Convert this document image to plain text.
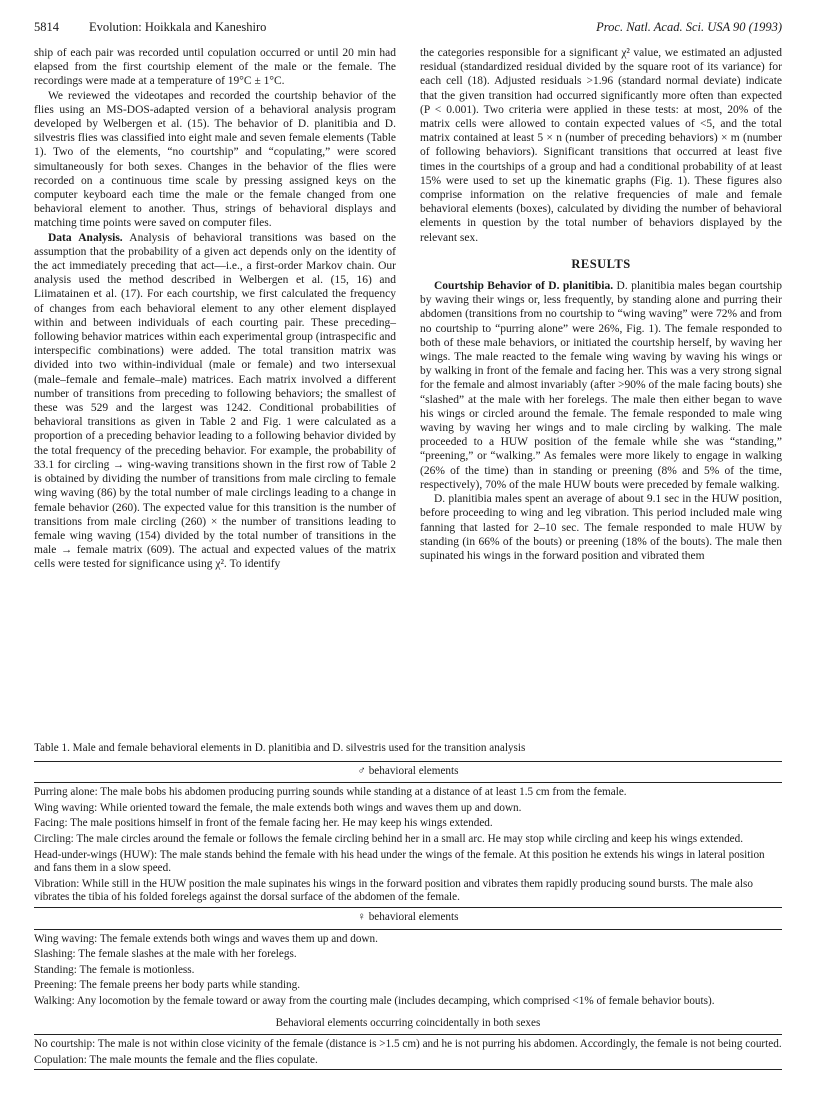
5814 Evolution: Hoikkala and Kaneshiro	Proc. Natl. Acad. Sci. USA 90 (1993)

ship of each pair was recorded until copulation occurred or until 20 min had elapsed from the first courtship element of the male or the female. The recordings were made at a temperature of 19°C ± 1°C.

We reviewed the videotapes and recorded the courtship behavior of the flies using an MS-DOS-adapted version of a behavioral analysis program developed by Welbergen et al. (15). The behavior of D. planitibia and D. silvestris flies was classified into eight male and seven female elements (Table 1). Two of the elements, “no courtship” and “copulating,” were scored simultaneously for both sexes. Changes in the behavior of the flies were recorded on a continuous time scale by pressing assigned keys on the computer keyboard each time the male or the female changed from one behavioral element to another. Thus, strings of behavioral displays and matching time points were saved on computer files.

Data Analysis. Analysis of behavioral transitions was based on the assumption that the probability of a given act depends only on the identity of the act immediately preceding that act—i.e., a first-order Markov chain. Our analysis used the method described in Welbergen et al. (15, 16) and Liimatainen et al. (17). For each courtship, we first calculated the frequency of changes from each behavioral element to any other element displayed within and between individuals of each courting pair. These preceding–following behavior matrices within each experimental group (intraspecific and interspecific combinations) were added. The total transition matrix was divided into two within-individual (male or female) and two intersexual (male–female and female–male) matrices. Each matrix involved a different number of transitions from preceding to following behaviors; the smallest of these was 529 and the largest was 1242. Conditional probabilities of behavioral transitions as given in Table 2 and Fig. 1 were calculated as a proportion of a preceding behavior leading to a following behavior divided by the total frequency of the preceding behavior. For example, the probability of 33.1 for circling → wing-waving transitions shown in the first row of Table 2 is obtained by dividing the number of transitions from male circling to female wing waving (86) by the total number of male circlings leading to a change in female behavior (260). The expected value for this transition is the number of transitions from male circling (260) × the number of transitions leading to female wing waving (154) divided by the total number of transitions in the male → female matrix (609). The actual and expected values of the matrix cells were tested for significance using χ². To identify

the categories responsible for a significant χ² value, we estimated an adjusted residual (standardized residual divided by the square root of its variance) for each cell (18). Adjusted residuals >1.96 (standard normal deviate) indicate that the given transition had occurred significantly more often than expected (P < 0.001). Two criteria were applied in these tests: at most, 20% of the matrix cells were allowed to contain expected values of <5, and the total matrix contained at least 5 × n (number of preceding behaviors) × m (number of following behaviors). Significant transitions that occurred at least five times in the courtships of a group and had a conditional probability of at least 15% were used to set up the kinematic graphs (Fig. 1). These figures also comprise information on the relative frequencies of male and female behavioral elements (boxes), calculated by dividing the number of behavioral elements in question by the total number of behaviors displayed by the relevant sex.

RESULTS

Courtship Behavior of D. planitibia. D. planitibia males began courtship by waving their wings or, less frequently, by standing alone and purring their abdomen (transitions from no courtship to “wing waving” were 72% and from no courtship to “purring alone” were 26%, Fig. 1). The female responded to both of these male behaviors, or initiated the courtship herself, by waving her wings. The male reacted to the female wing waving by waving his wings or by walking in front of the female and facing her. This was a very strong signal for the female and almost invariably (after >90% of the male facing bouts) she “slashed” at the male with her forelegs. The male then either began to wave his wings or circled around the female. The female responded to male wing waving by waving her wings and to male circling by walking. The male proceeded to a HUW position of the female while she was “standing,” “preening,” or “walking.” As females were more likely to engage in walking (26% of the time) than in standing or preening (8% and 5% of the time, respectively), 70% of the male HUW bouts were preceded by female walking.

D. planitibia males spent an average of about 9.1 sec in the HUW position, before proceeding to wing and leg vibration. This period included male wing fanning that lasted for 2–10 sec. The female responded to male HUW by standing (in 66% of the bouts) or preening (18% of the bouts). The male then supinated his wings in the forward position and vibrated them

Table 1. Male and female behavioral elements in D. planitibia and D. silvestris used for the transition analysis
♂ behavioral elements
Purring alone: The male bobs his abdomen producing purring sounds while standing at a distance of at least 1.5 cm from the female.
Wing waving: While oriented toward the female, the male extends both wings and waves them up and down.
Facing: The male positions himself in front of the female facing her. He may keep his wings extended.
Circling: The male circles around the female or follows the female circling behind her in a small arc. He may stop while circling and keep his wings extended.
Head-under-wings (HUW): The male stands behind the female with his head under the wings of the female. At this position he extends his wings in lateral position and fans them in a slow speed.
Vibration: While still in the HUW position the male supinates his wings in the forward position and vibrates them rapidly producing sound bursts. The male also vibrates the tibia of his folded forelegs against the dorsal surface of the abdomen of the female.
♀ behavioral elements
Wing waving: The female extends both wings and waves them up and down.
Slashing: The female slashes at the male with her forelegs.
Standing: The female is motionless.
Preening: The female preens her body parts while standing.
Walking: Any locomotion by the female toward or away from the courting male (includes decamping, which comprised <1% of female behavior bouts).
Behavioral elements occurring coincidentally in both sexes
No courtship: The male is not within close vicinity of the female (distance is >1.5 cm) and he is not purring his abdomen. Accordingly, the female is not being courted.
Copulation: The male mounts the female and the flies copulate.
